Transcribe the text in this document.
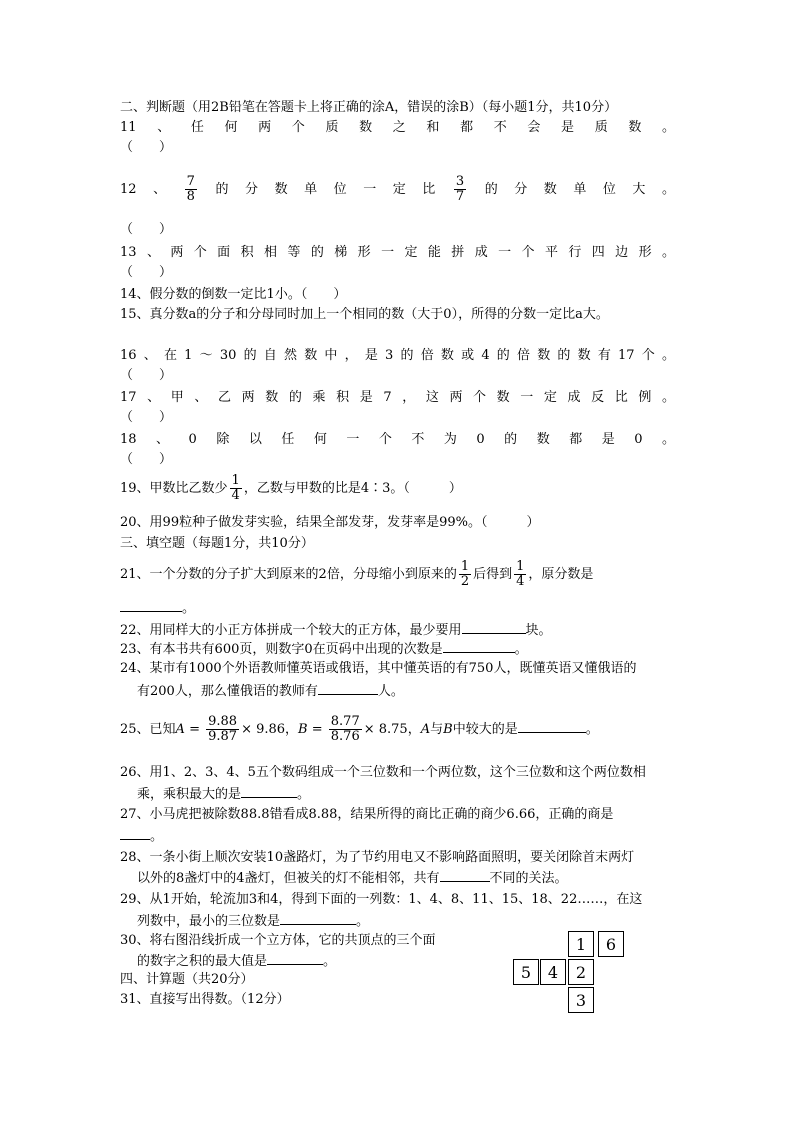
二、判断题（用2B铅笔在答题卡上将正确的涂A，错误的涂B）（每小题1分，共10分）
11、任何两个质数之和都不会是质数。
（　　）
12、 $\frac{7}{8}$ 的分数单位一定比 $\frac{3}{7}$ 的分数单位大。
（　　）
13、两个面积相等的梯形一定能拼成一个平行四边形。
（　　）
14、假分数的倒数一定比1小。（　　）
15、真分数a的分子和分母同时加上一个相同的数（大于0），所得的分数一定比a大。
16、在1～30的自然数中，是3的倍数或4的倍数的数有17个。
（　　）
17、甲、乙两数的乘积是7，这两个数一定成反比例。
（　　）
18、0除以任何一个不为0的数都是0。
（　　）
19、甲数比乙数少 $\frac{1}{4}$ ，乙数与甲数的比是4∶3。（　　　）
20、用99粒种子做发芽实验，结果全部发芽，发芽率是99%。（　　　）
三、填空题（每题1分，共10分）
21、一个分数的分子扩大到原来的2倍，分母缩小到原来的 $\frac{1}{2}$ 后得到 $\frac{1}{4}$ ，原分数是
。
22、用同样大的小正方体拼成一个较大的正方体，最少要用	块。
23、有本书共有600页，则数字0在页码中出现的次数是	。
24、某市有1000个外语教师懂英语或俄语，其中懂英语的有750人，既懂英语又懂俄语的
有200人，那么懂俄语的教师有	人。
25、已知$A = \frac{9.88}{9.87} \times 9.86$，$B = \frac{8.77}{8.76} \times 8.75$，A与B中较大的是	。
26、用1、2、3、4、5五个数码组成一个三位数和一个两位数，这个三位数和这个两位数相
乘，乘积最大的是	。
27、小马虎把被除数88.8错看成8.88，结果所得的商比正确的商少6.66，正确的商是
。
28、一条小街上顺次安装10盏路灯，为了节约用电又不影响路面照明，要关闭除首末两灯
以外的8盏灯中的4盏灯，但被关的灯不能相邻，共有	不同的关法。
29、从1开始，轮流加3和4，得到下面的一列数：1、4、8、11、15、18、22……，在这
列数中，最小的三位数是	。
30、将右图沿线折成一个立方体，它的共顶点的三个面
的数字之积的最大值是	。
四、计算题（共20分）
31、直接写出得数。（12分）
1	6
5	4	2
3
